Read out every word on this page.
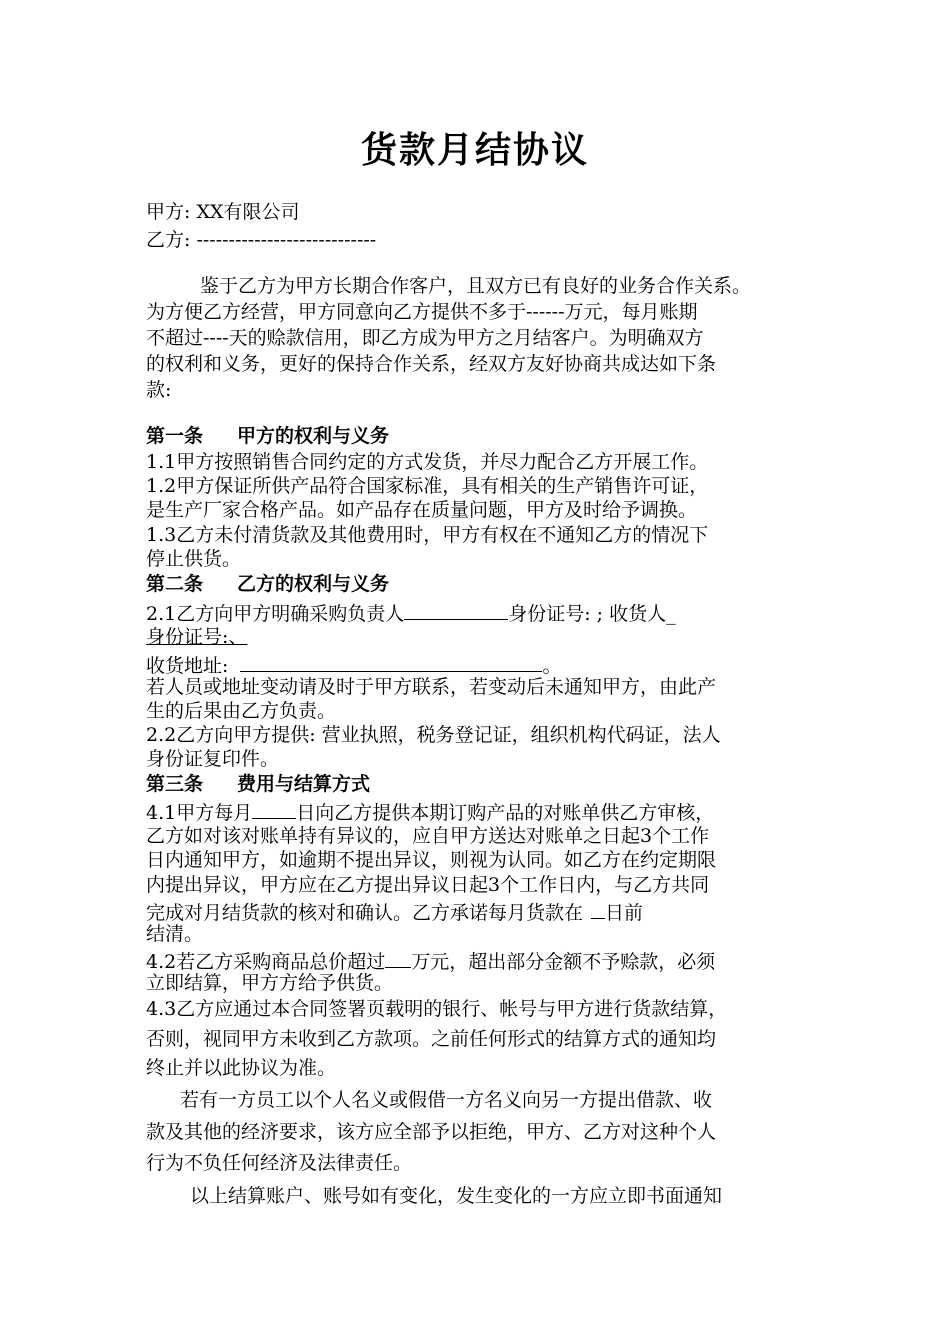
货款月结协议
甲方: XX有限公司
乙方: ----------------------------
鉴于乙方为甲方长期合作客户，且双方已有良好的业务合作关系。
为方便乙方经营，甲方同意向乙方提供不多于------万元，每月账期
不超过----天的赊款信用，即乙方成为甲方之月结客户。为明确双方
的权利和义务，更好的保持合作关系，经双方友好协商共成达如下条
款:
第一条 甲方的权利与义务
1.1甲方按照销售合同约定的方式发货，并尽力配合乙方开展工作。
1.2甲方保证所供产品符合国家标准，具有相关的生产销售许可证，
是生产厂家合格产品。如产品存在质量问题，甲方及时给予调换。
1.3乙方未付清货款及其他费用时，甲方有权在不通知乙方的情况下
停止供货。
第二条 乙方的权利与义务
2.1乙方向甲方明确采购负责人	身份证号: ; 收货人_
身份证号:、
收货地址:	。
若人员或地址变动请及时于甲方联系，若变动后未通知甲方，由此产
生的后果由乙方负责。
2.2乙方向甲方提供: 营业执照，税务登记证，组织机构代码证，法人
身份证复印件。
第三条 费用与结算方式
4.1甲方每月 日向乙方提供本期订购产品的对账单供乙方审核，
乙方如对该对账单持有异议的，应自甲方送达对账单之日起3个工作
日内通知甲方，如逾期不提出异议，则视为认同。如乙方在约定期限
内提出异议，甲方应在乙方提出异议日起3个工作日内，与乙方共同
完成对月结货款的核对和确认。乙方承诺每月货款在 日前
结清。
4.2若乙方采购商品总价超过 万元，超出部分金额不予赊款，必须
立即结算，甲方方给予供货。
4.3乙方应通过本合同签署页载明的银行、帐号与甲方进行货款结算，
否则，视同甲方未收到乙方款项。之前任何形式的结算方式的通知均
终止并以此协议为准。
若有一方员工以个人名义或假借一方名义向另一方提出借款、收
款及其他的经济要求，该方应全部予以拒绝，甲方、乙方对这种个人
行为不负任何经济及法律责任。
以上结算账户、账号如有变化，发生变化的一方应立即书面通知
